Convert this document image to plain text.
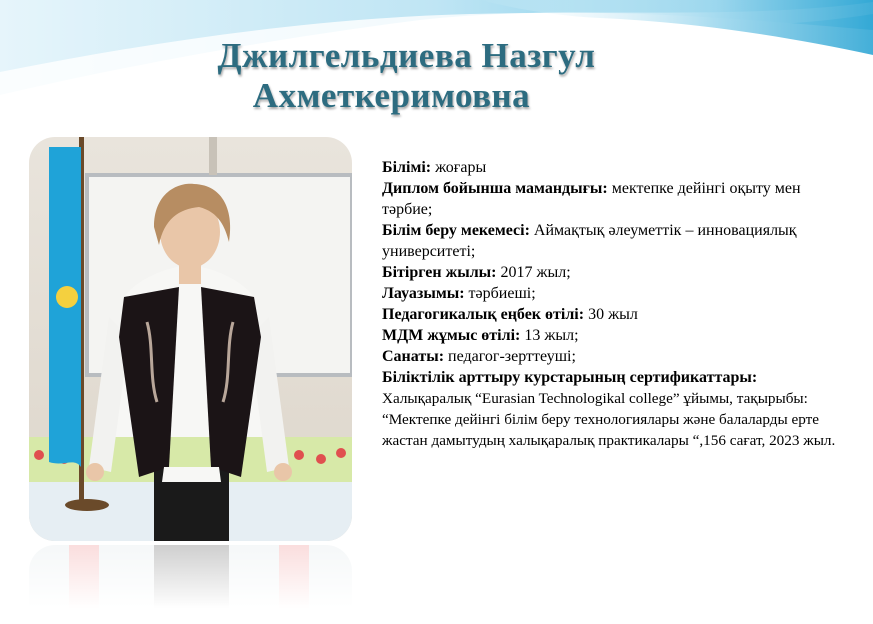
Джилгельдиева Назгул
Ахметкеримовна

Білімі: жоғары

Диплом бойынша мамандығы: мектепке дейінгі оқыту мен тәрбие;

Білім беру мекемесі: Аймақтық әлеуметтік – инновациялық университеті;

Бітірген жылы: 2017 жыл;

Лауазымы: тәрбиеші;

Педагогикалық еңбек өтілі: 30 жыл

МДМ жұмыс өтілі: 13 жыл;

Санаты: педагог-зерттеуші;

Біліктілік арттыру курстарының сертификаттары:

Халықаралық “Eurasian Technologikal college” ұйымы, тақырыбы: “Мектепке дейінгі білім беру технологиялары және балаларды ерте жастан дамытудың халықаралық практикалары “,156 сағат, 2023 жыл.
